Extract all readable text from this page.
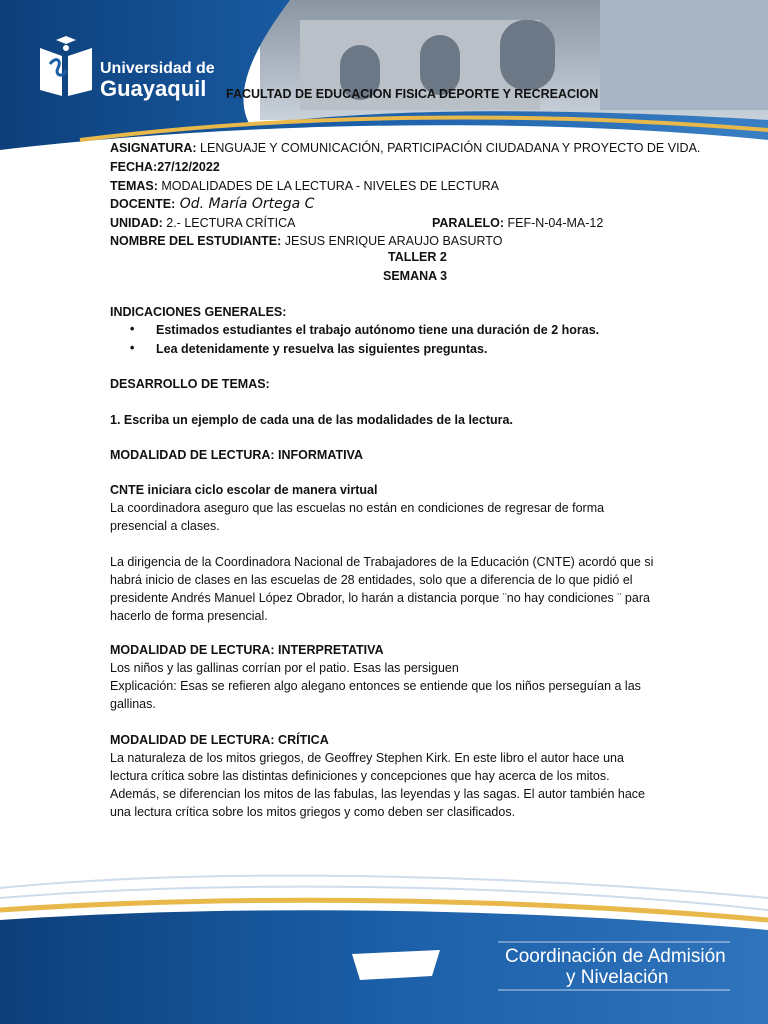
Universidad de
Guayaquil FACULTAD DE EDUCACION FISICA DEPORTE Y RECREACION
ASIGNATURA: LENGUAJE Y COMUNICACIÓN, PARTICIPACIÓN CIUDADANA Y PROYECTO DE VIDA.
FECHA:27/12/2022
TEMAS: MODALIDADES DE LA LECTURA - NIVELES DE LECTURA
DOCENTE: Od. María Ortega C
UNIDAD: 2.- LECTURA CRÍTICA	PARALELO: FEF-N-04-MA-12
NOMBRE DEL ESTUDIANTE: JESUS ENRIQUE ARAUJO BASURTO
TALLER 2
SEMANA 3
INDICACIONES GENERALES:
• Estimados estudiantes el trabajo autónomo tiene una duración de 2 horas.
• Lea detenidamente y resuelva las siguientes preguntas.
DESARROLLO DE TEMAS:
1. Escriba un ejemplo de cada una de las modalidades de la lectura.
MODALIDAD DE LECTURA: INFORMATIVA
CNTE iniciara ciclo escolar de manera virtual
La coordinadora aseguro que las escuelas no están en condiciones de regresar de forma
presencial a clases.
La dirigencia de la Coordinadora Nacional de Trabajadores de la Educación (CNTE) acordó que si
habrá inicio de clases en las escuelas de 28 entidades, solo que a diferencia de lo que pidió el
presidente Andrés Manuel López Obrador, lo harán a distancia porque ¨no hay condiciones ¨ para
hacerlo de forma presencial.
MODALIDAD DE LECTURA: INTERPRETATIVA
Los niños y las gallinas corrían por el patio. Esas las persiguen
Explicación: Esas se refieren algo alegano entonces se entiende que los niños perseguían a las
gallinas.
MODALIDAD DE LECTURA: CRÍTICA
La naturaleza de los mitos griegos, de Geoffrey Stephen Kirk. En este libro el autor hace una
lectura crítica sobre las distintas definiciones y concepciones que hay acerca de los mitos.
Además, se diferencian los mitos de las fabulas, las leyendas y las sagas. El autor también hace
una lectura crítica sobre los mitos griegos y como deben ser clasificados.
Coordinación de Admisión
y Nivelación
